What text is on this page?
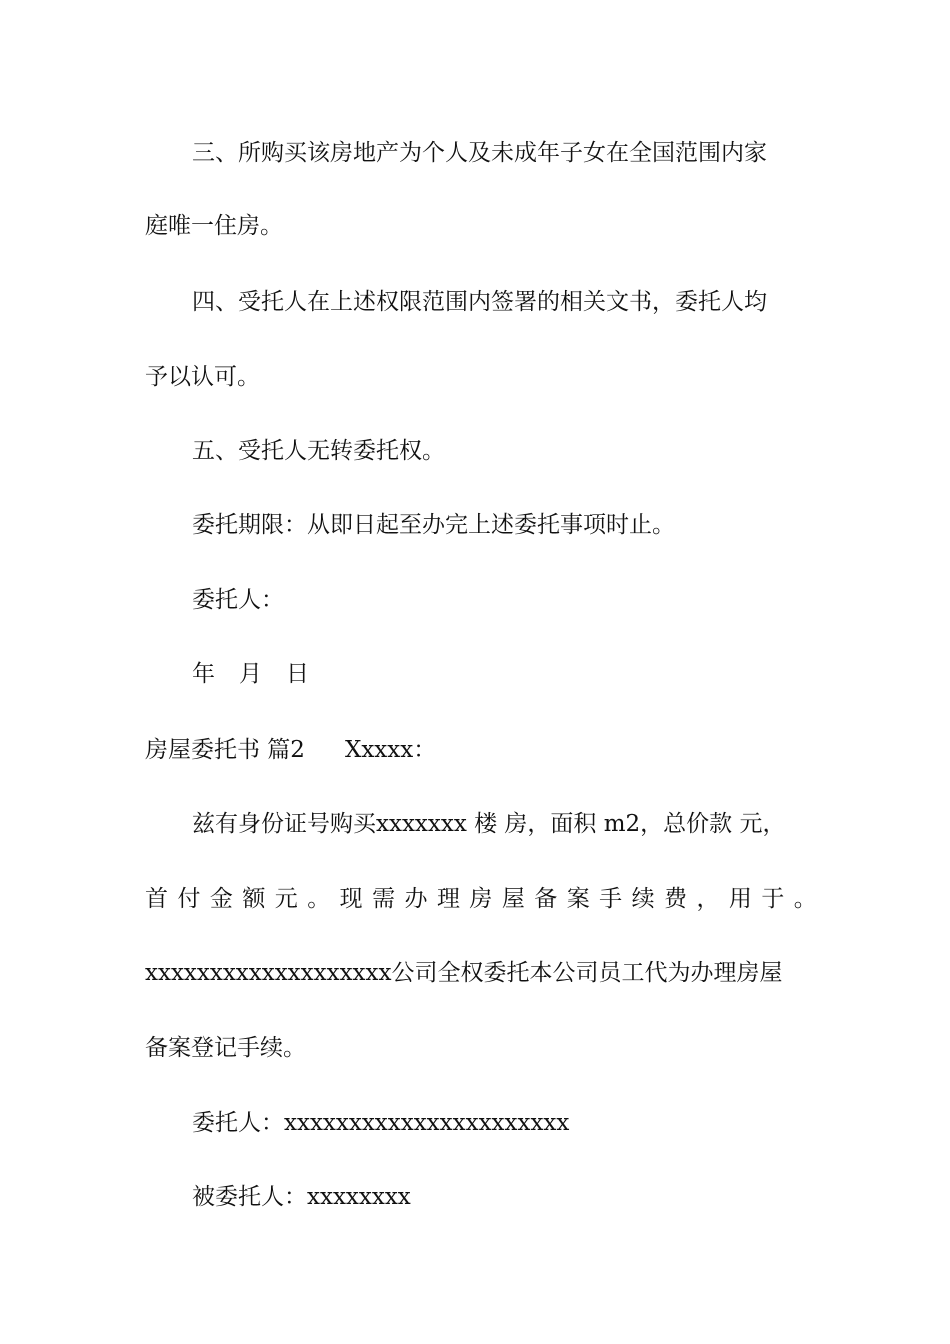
三、所购买该房地产为个人及未成年子女在全国范围内家
庭唯一住房。
四、受托人在上述权限范围内签署的相关文书，委托人均
予以认可。
五、受托人无转委托权。
委托期限：从即日起至办完上述委托事项时止。
委托人：
年 月 日
房屋委托书 篇2 Xxxxx：
兹有身份证号购买xxxxxxx 楼 房，面积 m2，总价款 元，
首 付 金 额 元 。 现 需 办 理 房 屋 备 案 手 续 费 ， 用 于 。
xxxxxxxxxxxxxxxxxxx公司全权委托本公司员工代为办理房屋
备案登记手续。
委托人：xxxxxxxxxxxxxxxxxxxxxx
被委托人：xxxxxxxx
